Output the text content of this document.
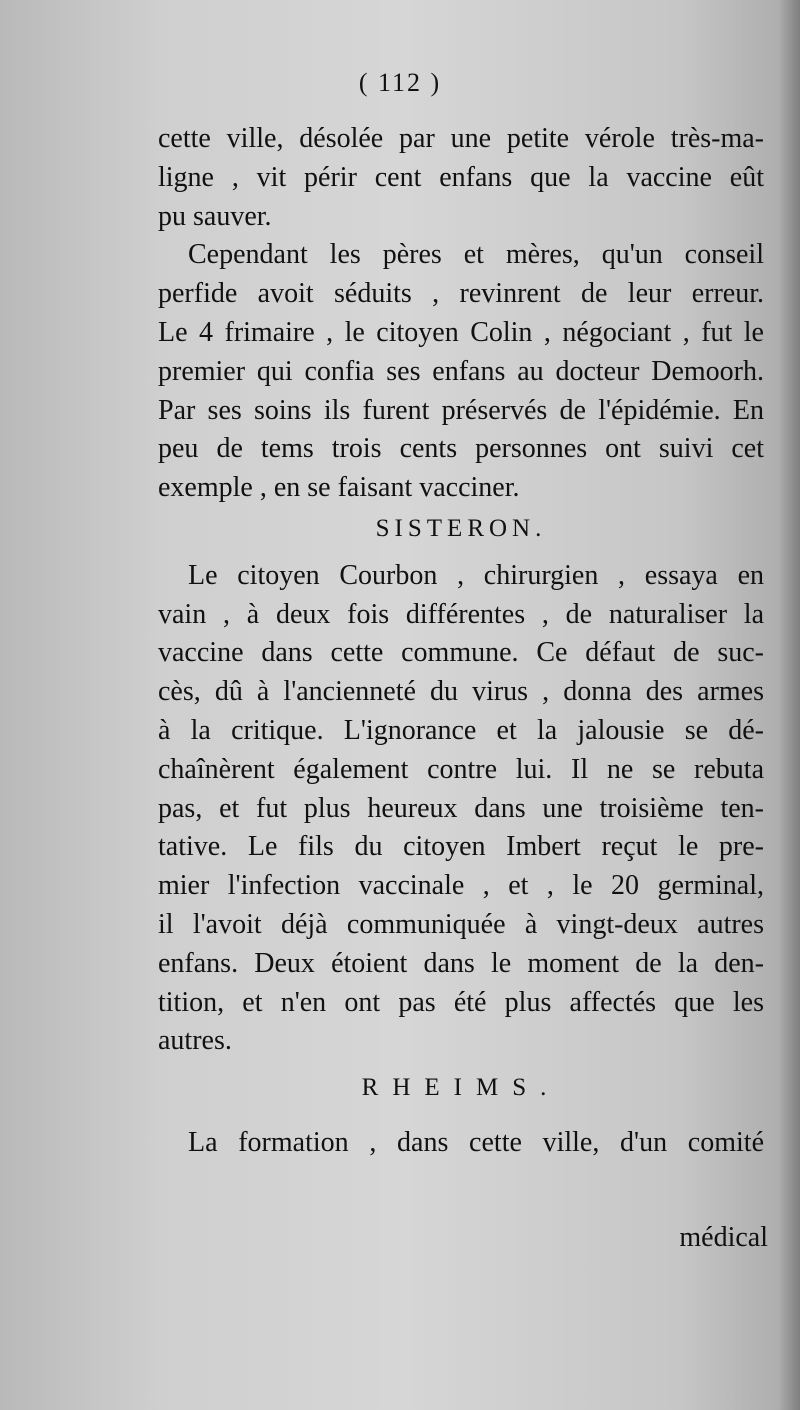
( 112 )
cette ville, désolée par une petite vérole très-ma-
ligne , vit périr cent enfans que la vaccine eût
pu sauver.
Cependant les pères et mères, qu'un conseil
perfide avoit séduits , revinrent de leur erreur.
Le 4 frimaire , le citoyen Colin , négociant , fut le
premier qui confia ses enfans au docteur Demoorh.
Par ses soins ils furent préservés de l'épidémie. En
peu de tems trois cents personnes ont suivi cet
exemple , en se faisant vacciner.
SISTERON.
Le citoyen Courbon , chirurgien , essaya en
vain , à deux fois différentes , de naturaliser la
vaccine dans cette commune. Ce défaut de suc-
cès, dû à l'ancienneté du virus , donna des armes
à la critique. L'ignorance et la jalousie se dé-
chaînèrent également contre lui. Il ne se rebuta
pas, et fut plus heureux dans une troisième ten-
tative. Le fils du citoyen Imbert reçut le pre-
mier l'infection vaccinale , et , le 20 germinal,
il l'avoit déjà communiquée à vingt-deux autres
enfans. Deux étoient dans le moment de la den-
tition, et n'en ont pas été plus affectés que les
autres.
RHEIMS.
La formation , dans cette ville, d'un comité
médical
